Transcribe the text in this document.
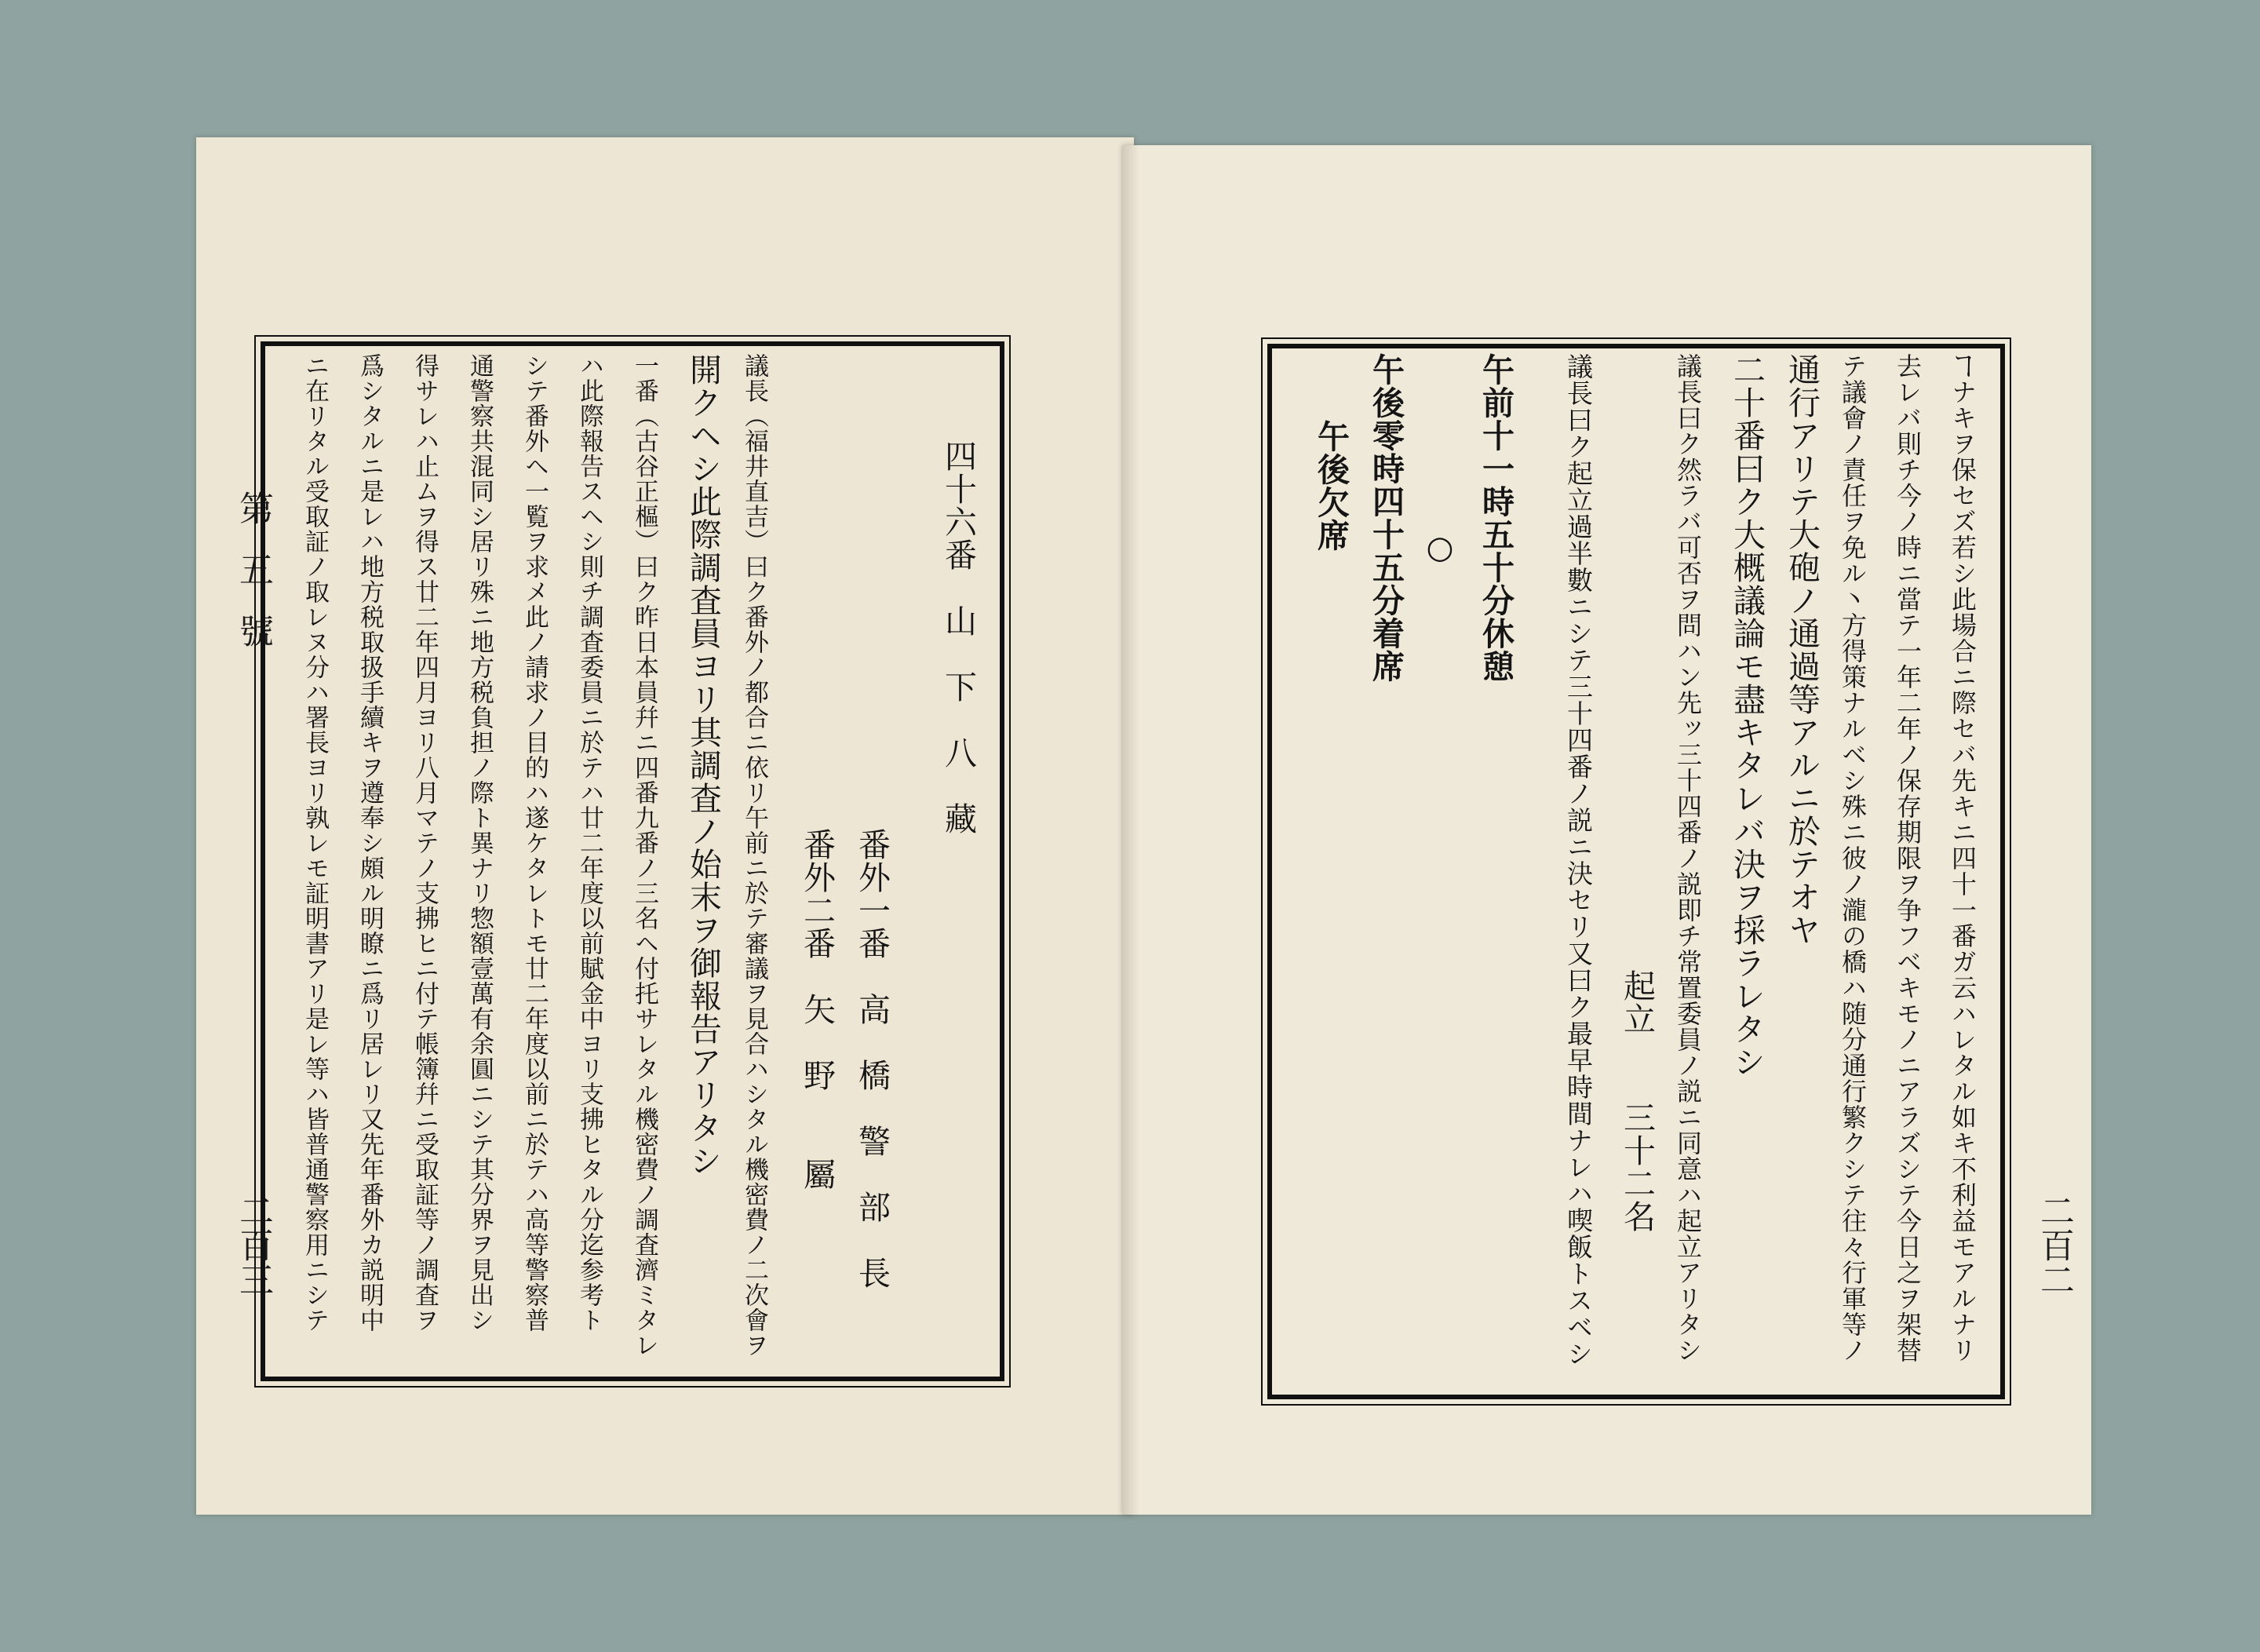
二百二
ヿナキヲ保セズ若シ此場合ニ際セバ先キニ四十一番ガ云ハレタル如キ不利益モアルナリ
去レバ則チ今ノ時ニ當テ一年二年ノ保存期限ヲ争フベキモノニアラズシテ今日之ヲ架替
テ議會ノ責任ヲ免ル丶方得策ナルベシ殊ニ彼ノ瀧の橋ハ随分通行繁クシテ往々行軍等ノ
通行アリテ大砲ノ通過等アルニ於テオヤ
二十番曰ク大概議論モ盡キタレバ決ヲ採ラレタシ
議長曰ク然ラバ可否ヲ問ハン先ッ三十四番ノ説即チ常置委員ノ説ニ同意ハ起立アリタシ
起立　　三十二名
議長曰ク起立過半數ニシテ三十四番ノ説ニ決セリ又曰ク最早時間ナレハ喫飯トスベシ
午前十一時五十分休憩
○
午後零時四十五分着席
午後欠席
第五號
二百三
四十六番　山　下　八　藏
番外一番　高　橋　警　部　長
番外二番　矢　野　　屬
議長（福井直吉）曰ク番外ノ都合ニ依リ午前ニ於テ審議ヲ見合ハシタル機密費ノ二次會ヲ
開クヘシ此際調査員ヨリ其調査ノ始末ヲ御報告アリタシ
一番（古谷正樞）曰ク昨日本員幷ニ四番九番ノ三名ヘ付托サレタル機密費ノ調査濟ミタレ
ハ此際報告スヘシ則チ調査委員ニ於テハ廿二年度以前賦金中ヨリ支拂ヒタル分迄参考ト
シテ番外ヘ一覧ヲ求メ此ノ請求ノ目的ハ遂ケタレトモ廿二年度以前ニ於テハ高等警察普
通警察共混同シ居リ殊ニ地方税負担ノ際ト異ナリ惣額壹萬有余圓ニシテ其分界ヲ見出シ
得サレハ止ムヲ得ス廿二年四月ヨリ八月マテノ支拂ヒニ付テ帳簿幷ニ受取証等ノ調査ヲ
爲シタルニ是レハ地方税取扱手續キヲ遵奉シ頗ル明瞭ニ爲リ居レリ又先年番外カ説明中
ニ在リタル受取証ノ取レヌ分ハ署長ヨリ孰レモ証明書アリ是レ等ハ皆普通警察用ニシテ
